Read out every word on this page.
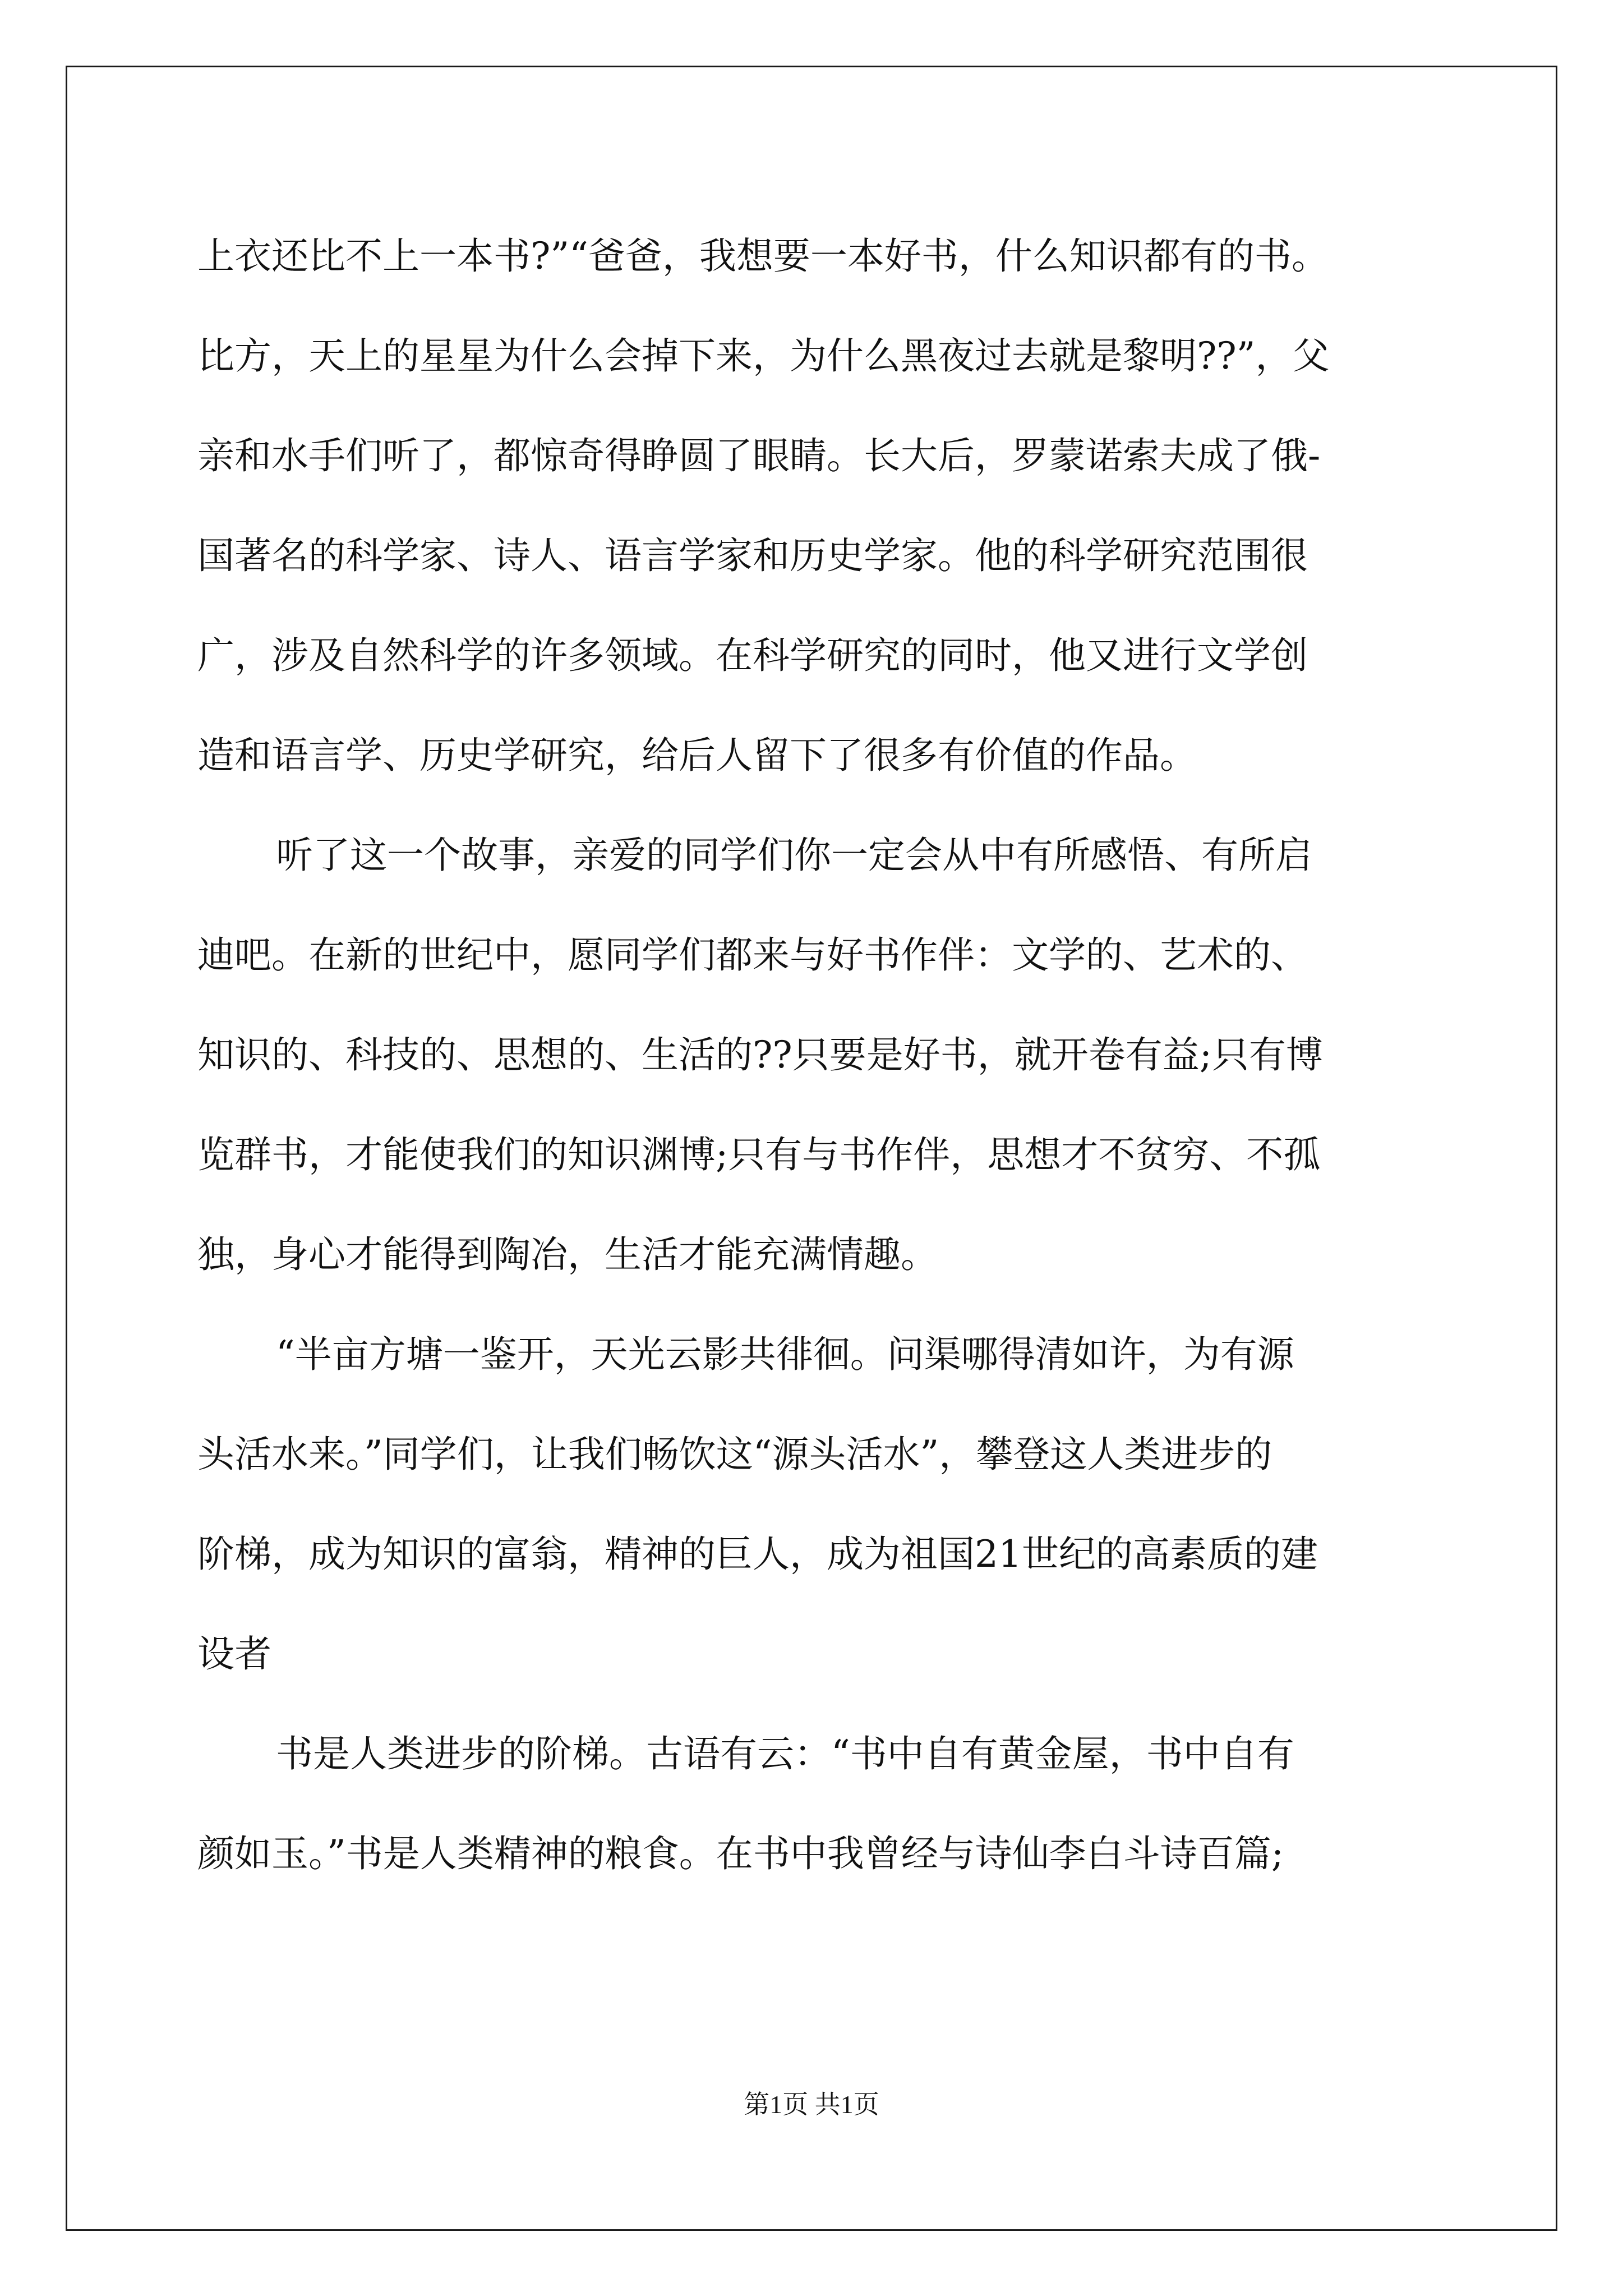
上衣还比不上一本书?”“爸爸，我想要一本好书，什么知识都有的书。
比方，天上的星星为什么会掉下来，为什么黑夜过去就是黎明??”，父
亲和水手们听了，都惊奇得睁圆了眼睛。长大后，罗蒙诺索夫成了俄-
国著名的科学家、诗人、语言学家和历史学家。他的科学研究范围很
广，涉及自然科学的许多领域。在科学研究的同时，他又进行文学创
造和语言学、历史学研究，给后人留下了很多有价值的作品。
听了这一个故事，亲爱的同学们你一定会从中有所感悟、有所启
迪吧。在新的世纪中，愿同学们都来与好书作伴：文学的、艺术的、
知识的、科技的、思想的、生活的??只要是好书，就开卷有益;只有博
览群书，才能使我们的知识渊博;只有与书作伴，思想才不贫穷、不孤
独，身心才能得到陶冶，生活才能充满情趣。
“半亩方塘一鉴开，天光云影共徘徊。问渠哪得清如许，为有源
头活水来。”同学们，让我们畅饮这“源头活水”，攀登这人类进步的
阶梯，成为知识的富翁，精神的巨人，成为祖国21世纪的高素质的建
设者
书是人类进步的阶梯。古语有云：“书中自有黄金屋，书中自有
颜如玉。”书是人类精神的粮食。在书中我曾经与诗仙李白斗诗百篇;
第1页 共1页
